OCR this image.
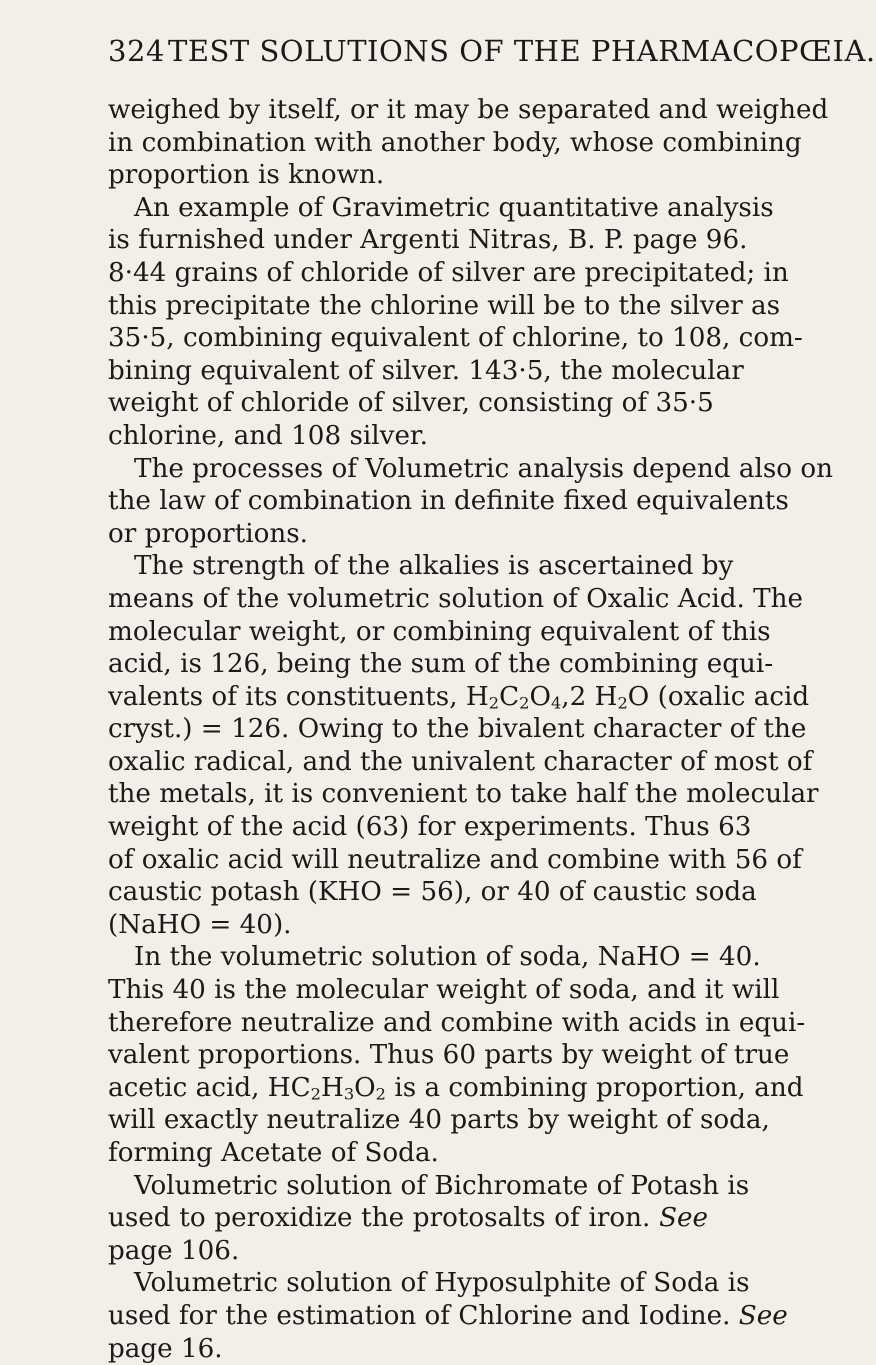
324 TEST SOLUTIONS OF THE PHARMACOPŒIA.
weighed by itself, or it may be separated and weighed
in combination with another body, whose combining
proportion is known.
An example of Gravimetric quantitative analysis
is furnished under Argenti Nitras, B. P. page 96.
8·44 grains of chloride of silver are precipitated; in
this precipitate the chlorine will be to the silver as
35·5, combining equivalent of chlorine, to 108, com-
bining equivalent of silver. 143·5, the molecular
weight of chloride of silver, consisting of 35·5
chlorine, and 108 silver.
The processes of Volumetric analysis depend also on
the law of combination in definite fixed equivalents
or proportions.
The strength of the alkalies is ascertained by
means of the volumetric solution of Oxalic Acid. The
molecular weight, or combining equivalent of this
acid, is 126, being the sum of the combining equi-
valents of its constituents, $H_2C_2O_4,2$ $H_2O$ (oxalic acid
cryst.) = 126. Owing to the bivalent character of the
oxalic radical, and the univalent character of most of
the metals, it is convenient to take half the molecular
weight of the acid (63) for experiments. Thus 63
of oxalic acid will neutralize and combine with 56 of
caustic potash (KHO = 56), or 40 of caustic soda
(NaHO = 40).
In the volumetric solution of soda, NaHO = 40.
This 40 is the molecular weight of soda, and it will
therefore neutralize and combine with acids in equi-
valent proportions. Thus 60 parts by weight of true
acetic acid, $HC_2H_3O_2$ is a combining proportion, and
will exactly neutralize 40 parts by weight of soda,
forming Acetate of Soda.
Volumetric solution of Bichromate of Potash is
used to peroxidize the protosalts of iron. See
page 106.
Volumetric solution of Hyposulphite of Soda is
used for the estimation of Chlorine and Iodine. See
page 16.
